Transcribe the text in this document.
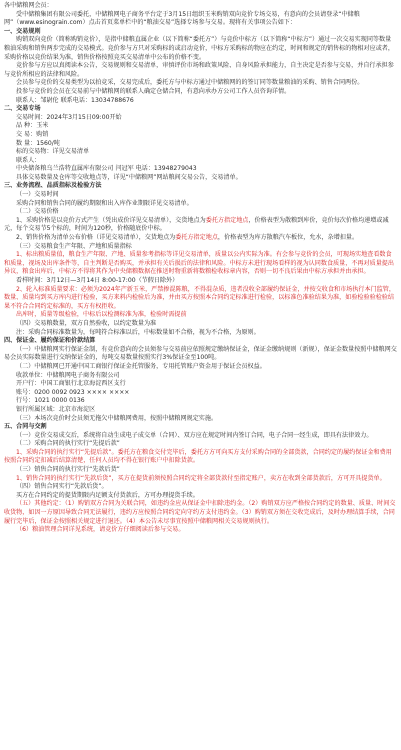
各中储粮网会员：

受中储粮集团有限公司委托，中储粮网电子商务平台定于3月15日组织玉米购销双向竞价专场交易，有意向的会员请登录“中储粮网”（www.esinograin.com）点击首页菜单栏中的“粮油交易”选择专场参与交易。现将有关事项公告如下：

一、交易规则

购销双向竞价（简称购销竞价），是指中储粮直属企业（以下简称“委托方”）与竞价中标方（以下简称“中标方”）通过一次交易实现同等数量粮油采购和销售两步完成的交易模式。竞价参与方只对采购标的或启动竞价，中标方采购标的物应在约定，时间和规定的销售标的物相对应或者，采购价格以竞价结果为准，销售价格按照竞买交易清单中公布的价格不变。

竞价参与方应以真阅读本公告，交易规则和交易清单，审慎评价市场和政策风险、自身风险承担能力，自主决定是否参与交易，并自行承担参与竞价所相应的法律和风险。

会员参与竞价的交易类型为以拍竞采，交易完成后，委托方与中标方通过中储粮网的的签订同等数量粮油的采购、销售合同两份。

投参与竞价的会员在交易前与中储粮网的联系人确定仓储合同，有意向承办方公司工作人员咨询详情。

联系人：邹尉伦 联系电话：13034788676

二、交易专场

交易时间：2024年3月15日09:00开始

品 种：玉米

交 易：购销

数 量：1560/吨

标的交易物：详见交易清单

联系人：

中央储备粮乌兰浩特直属库有限公司 闫冠军 电话：13948279043

具体交易数量及仓库等交收地点等，详见“中储粮网”网站粮间交易公告，交易清单。

三、业务流程、品质指标及检验方法

（一）交易时间

采购合同和销售合同的履约期限和出入库作业期限详见交易清单。

（二）交易价格

1、采购价格是以竞价方式产生（凭出成价详见交易清单），交货地点为委托方指定地点，价格表型为散粮到库价，竞价每次价格均递增或减元，每个交易节5个标的，时间为120秒，价格随底价中标。

2、销售价格为清单公布价格（详见交易清单），交货地点为委托方指定地点，价格表型为库方散粮汽车板位，允水，杂增扣量。

（三）交易粮食生产年限、产地和质量指标

1、标出粮质量值，粮食生产年限、产地、质量参考指标等详见交易清单，质量以公内实际为准。有会参与竞价的会员，可现场实地查看数食和质量，视场及出库条件等，自主判断是否购买，并承担有关后损后的法律和风险。中标方未进行现场看样的视为认同数食质量，不再对质量提出异议，粮食出库后，中标方不得将其作为中央储粮数据在推送时物重新将数粮检收标章内容，否则一切不良后果由中标方承担并由承担。

看样时间：3月12日—3月14日 8:00-17:00（节假日除外）

2、轮入标准质量要求：必须为2024年产新玉米，严禁掺混陈粮，不得混杂质，违者没收全部履约保证金，并按交收食和市场执行本门监管，数量、质量均到买方库内进行检验，买方来料内检验后为准，并由买方按照本合同约定标准进行检验，以标准色准验结果为准，如验检验验检验结果不符合合同约定标准的，买方有权拒收。

出库时，质量等级检验，中标后以检测标准为准，检验时需提前

（四）交易粮数量，双方自然验收，以约定数量为准

注：采购合同标准数量为，每吨符合标准以后，中标数量如不合格，视为不合格，为原则。

四、保证金、履约保证和价款结算

（一）中储粮网实行保证金制，有竞价意向的会员须参与交易前应依照规定缴纳保证金，保证金缴纳规则（新规），保证金数量按照中储粮网交易会员实际数量进行交纳保证金的，每吨交易数量按照实行3%保证金至100吨。

（二）中储粮网已开通中国工商银行保证金托管服务，专用托管账户资金用于保证会员权益。

收款单位：中储粮网电子商务有限公司

开户行：中国工商银行北京海淀西区支行

账号：0200 0092 0923 ×××× ××××

行号：1021 0000 0136

银行所属区域：北京市海淀区

（三）本场次竞价时会员须无拖欠中储粮网费用，按照中储粮网规定实施。

五、合同与交割

（一）竞价交易成交后，系统将自动生成电子成交单（合同）、双方应在规定时间内签订合同，电子合同一经生成，即具有法律效力。

（二）采购合同的执行实行“先提后款”

1、采购合同的执行实行“先提后款”。委托方在粮食交付完毕后，委托方方可向买方支付采购合同的全部货款，合同约定的履约保证金和费用按照合同约定扣减后结算清楚，任何人员均不得在银行账户中扣除货款。

（三）销售合同的执行实行“先款后货”

1、销售合同的执行实行“先款后货”，买方在提货前须按照合同约定将全部货款付至指定账户，卖方在收到全部货款后，方可开具提货单。

（四）销售合同实行“先款后货”。

买方在合同约定的提货期限内足额支付货款后，方可办理提货手续。

（五）其他约定：（1）购销双方合同为关联合同，如违约金应从保证金中扣除违约金。（2）购销双方应严格按合同约定的数量、质量、时间交收货物，如因一方原因导致合同无法履行，违约方应按照合同约定向守约方支付违约金。（3）购销双方须在交收完成后，及时办理结算手续，合同履行完毕后，保证金按照相关规定进行退还。（4）本公告未尽事宜按照中储粮网相关交易规则执行。

（6）粮油管理合同详见系统，请竞价方仔细阅读后参与交易。
